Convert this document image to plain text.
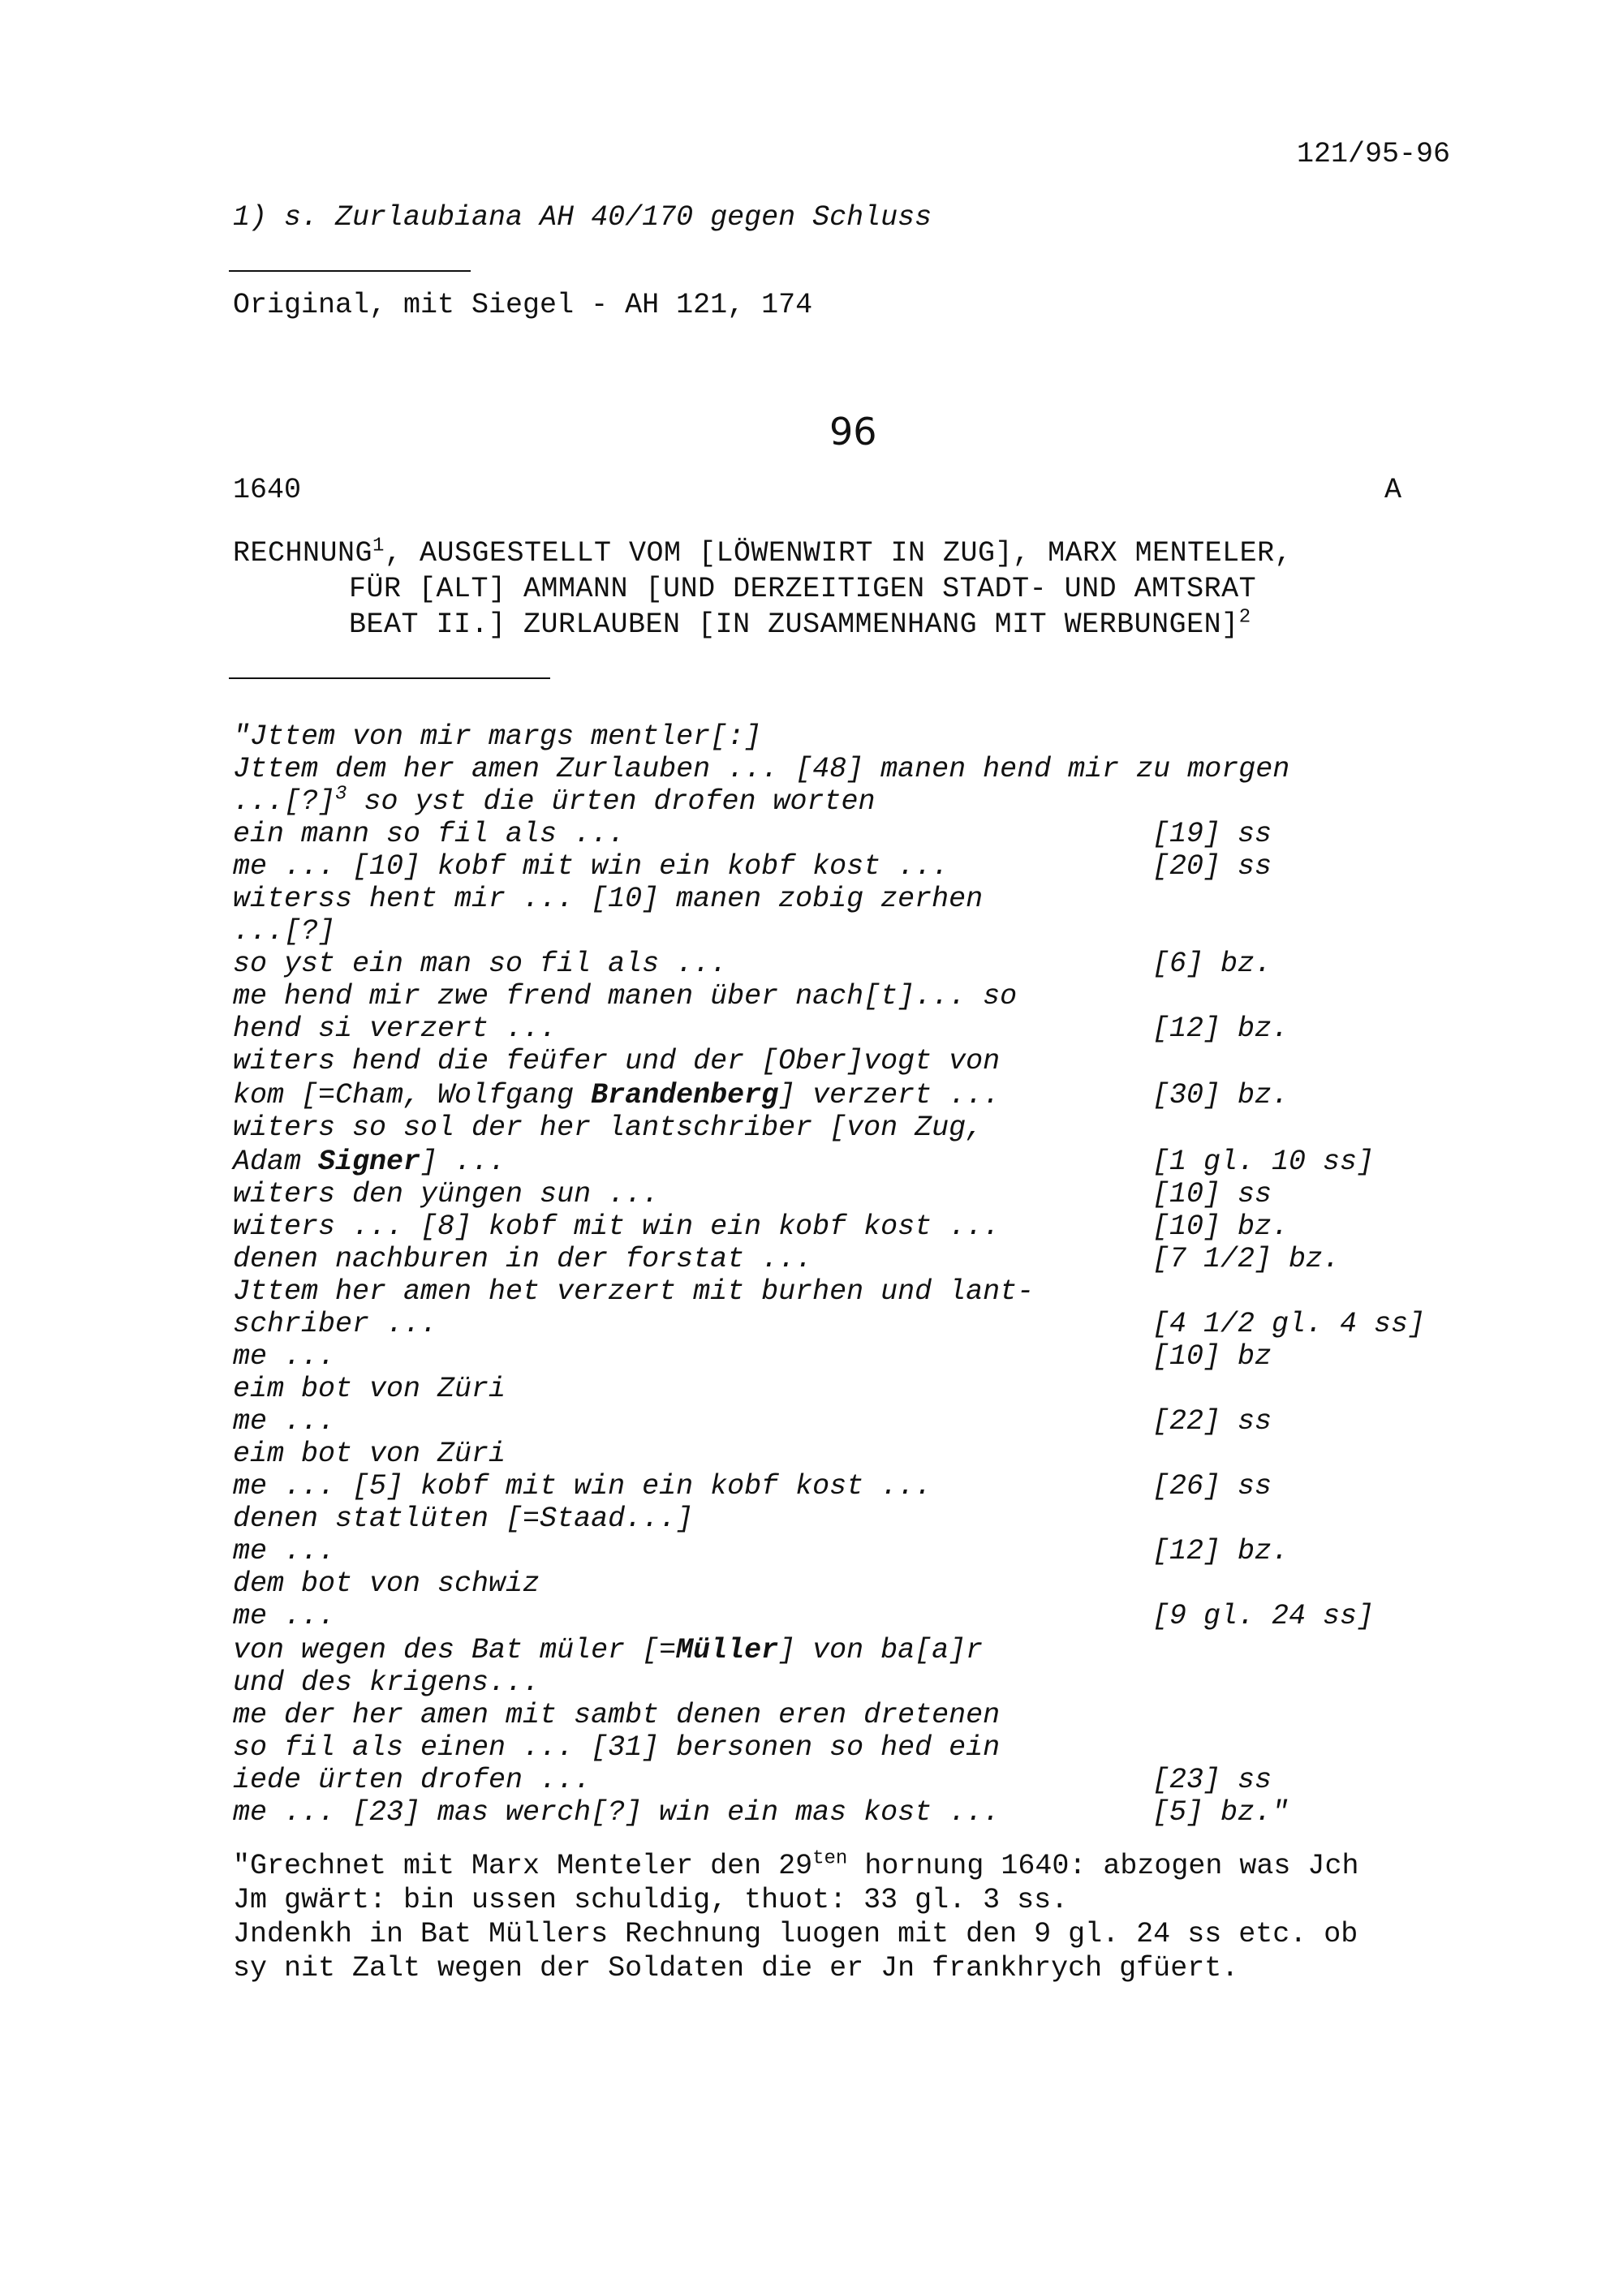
121/95-96
1) s. Zurlaubiana AH 40/170 gegen Schluss
Original, mit Siegel - AH 121, 174
96
1640	A
RECHNUNG$^1$, AUSGESTELLT VOM [LÖWENWIRT IN ZUG], MARX MENTELER,
FÜR [ALT] AMMANN [UND DERZEITIGEN STADT- UND AMTSRAT
BEAT II.] ZURLAUBEN [IN ZUSAMMENHANG MIT WERBUNGEN]$^2$
"Jttem von mir margs mentler[:]
Jttem dem her amen Zurlauben ... [48] manen hend mir zu morgen
...[?]$^3$ so yst die ürten drofen worten
ein mann so fil als ...	[19] ss
me ... [10] kobf mit win ein kobf kost ...	[20] ss
witerss hent mir ... [10] manen zobig zerhen
...[?]
so yst ein man so fil als ...	[6] bz.
me hend mir zwe frend manen über nach[t]... so
hend si verzert ...	[12] bz.
witers hend die feüfer und der [Ober]vogt von
kom [=Cham, Wolfgang Brandenberg] verzert ...	[30] bz.
witers so sol der her lantschriber [von Zug,
Adam Signer] ...	[1 gl. 10 ss]
witers den yüngen sun ...	[10] ss
witers ... [8] kobf mit win ein kobf kost ...	[10] bz.
denen nachburen in der forstat ...	[7 1/2] bz.
Jttem her amen het verzert mit burhen und lant-
schriber ...	[4 1/2 gl. 4 ss]
me ...	[10] bz
eim bot von Züri
me ...	[22] ss
eim bot von Züri
me ... [5] kobf mit win ein kobf kost ...	[26] ss
denen statlüten [=Staad...]
me ...	[12] bz.
dem bot von schwiz
me ...	[9 gl. 24 ss]
von wegen des Bat müler [=Müller] von ba[a]r
und des krigens...
me der her amen mit sambt denen eren dretenen
so fil als einen ... [31] bersonen so hed ein
iede ürten drofen ...	[23] ss
me ... [23] mas werch[?] win ein mas kost ...	[5] bz."
"Grechnet mit Marx Menteler den $29^{ten}$ hornung 1640: abzogen was Jch
Jm gwärt: bin ussen schuldig, thuot: 33 gl. 3 ss.
Jndenkh in Bat Müllers Rechnung luogen mit den 9 gl. 24 ss etc. ob
sy nit Zalt wegen der Soldaten die er Jn frankhrych gfüert.
